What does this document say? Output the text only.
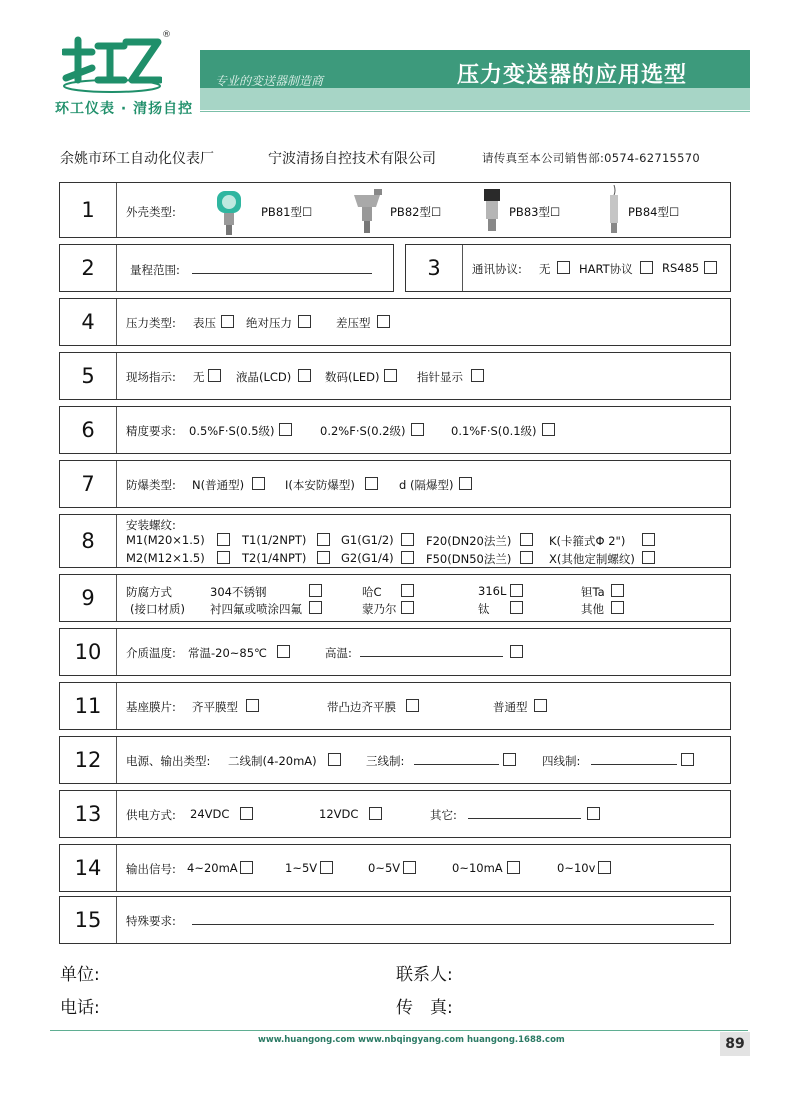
®
环工仪表 · 清扬自控
专业的变送器制造商	压力变送器的应用选型
余姚市环工自动化仪表厂	宁波清扬自控技术有限公司	请传真至本公司销售部:0574-62715570
1	外壳类型:	PB81型☐	PB82型☐	PB83型☐	PB84型☐
2	量程范围:	3	通讯协议: 无 HART协议	RS485
4	压力类型: 表压	绝对压力	差压型
5	现场指示: 无	液晶(LCD)	数码(LED)	指针显示
6	精度要求: 0.5%F·S(0.5级)	0.2%F·S(0.2级)	0.1%F·S(0.1级)
7	防爆类型: N(普通型)	I(本安防爆型)	d (隔爆型)
8
安装螺纹:
M1(M20×1.5)	T1(1/2NPT)	G1(G1/2)	F20(DN20法兰)	K(卡箍式Φ 2")
M2(M12×1.5)	T2(1/4NPT)	G2(G1/4)	F50(DN50法兰)	X(其他定制螺纹)
9	防腐方式
(接口材质)
304不锈钢	哈C	316L	钽Ta
衬四氟或喷涂四氟	蒙乃尔	钛	其他
10	介质温度: 常温-20~85℃	高温:
11	基座膜片: 齐平膜型	带凸边齐平膜	普通型
12	电源、输出类型: 二线制(4-20mA)	三线制:	四线制:
13	供电方式: 24VDC	12VDC	其它:
14	输出信号: 4~20mA	1~5V	0~5V	0~10mA	0~10v
15	特殊要求:
单位:	联系人:
电话:	传　真:
www.huangong.com www.nbqingyang.com huangong.1688.com	89
